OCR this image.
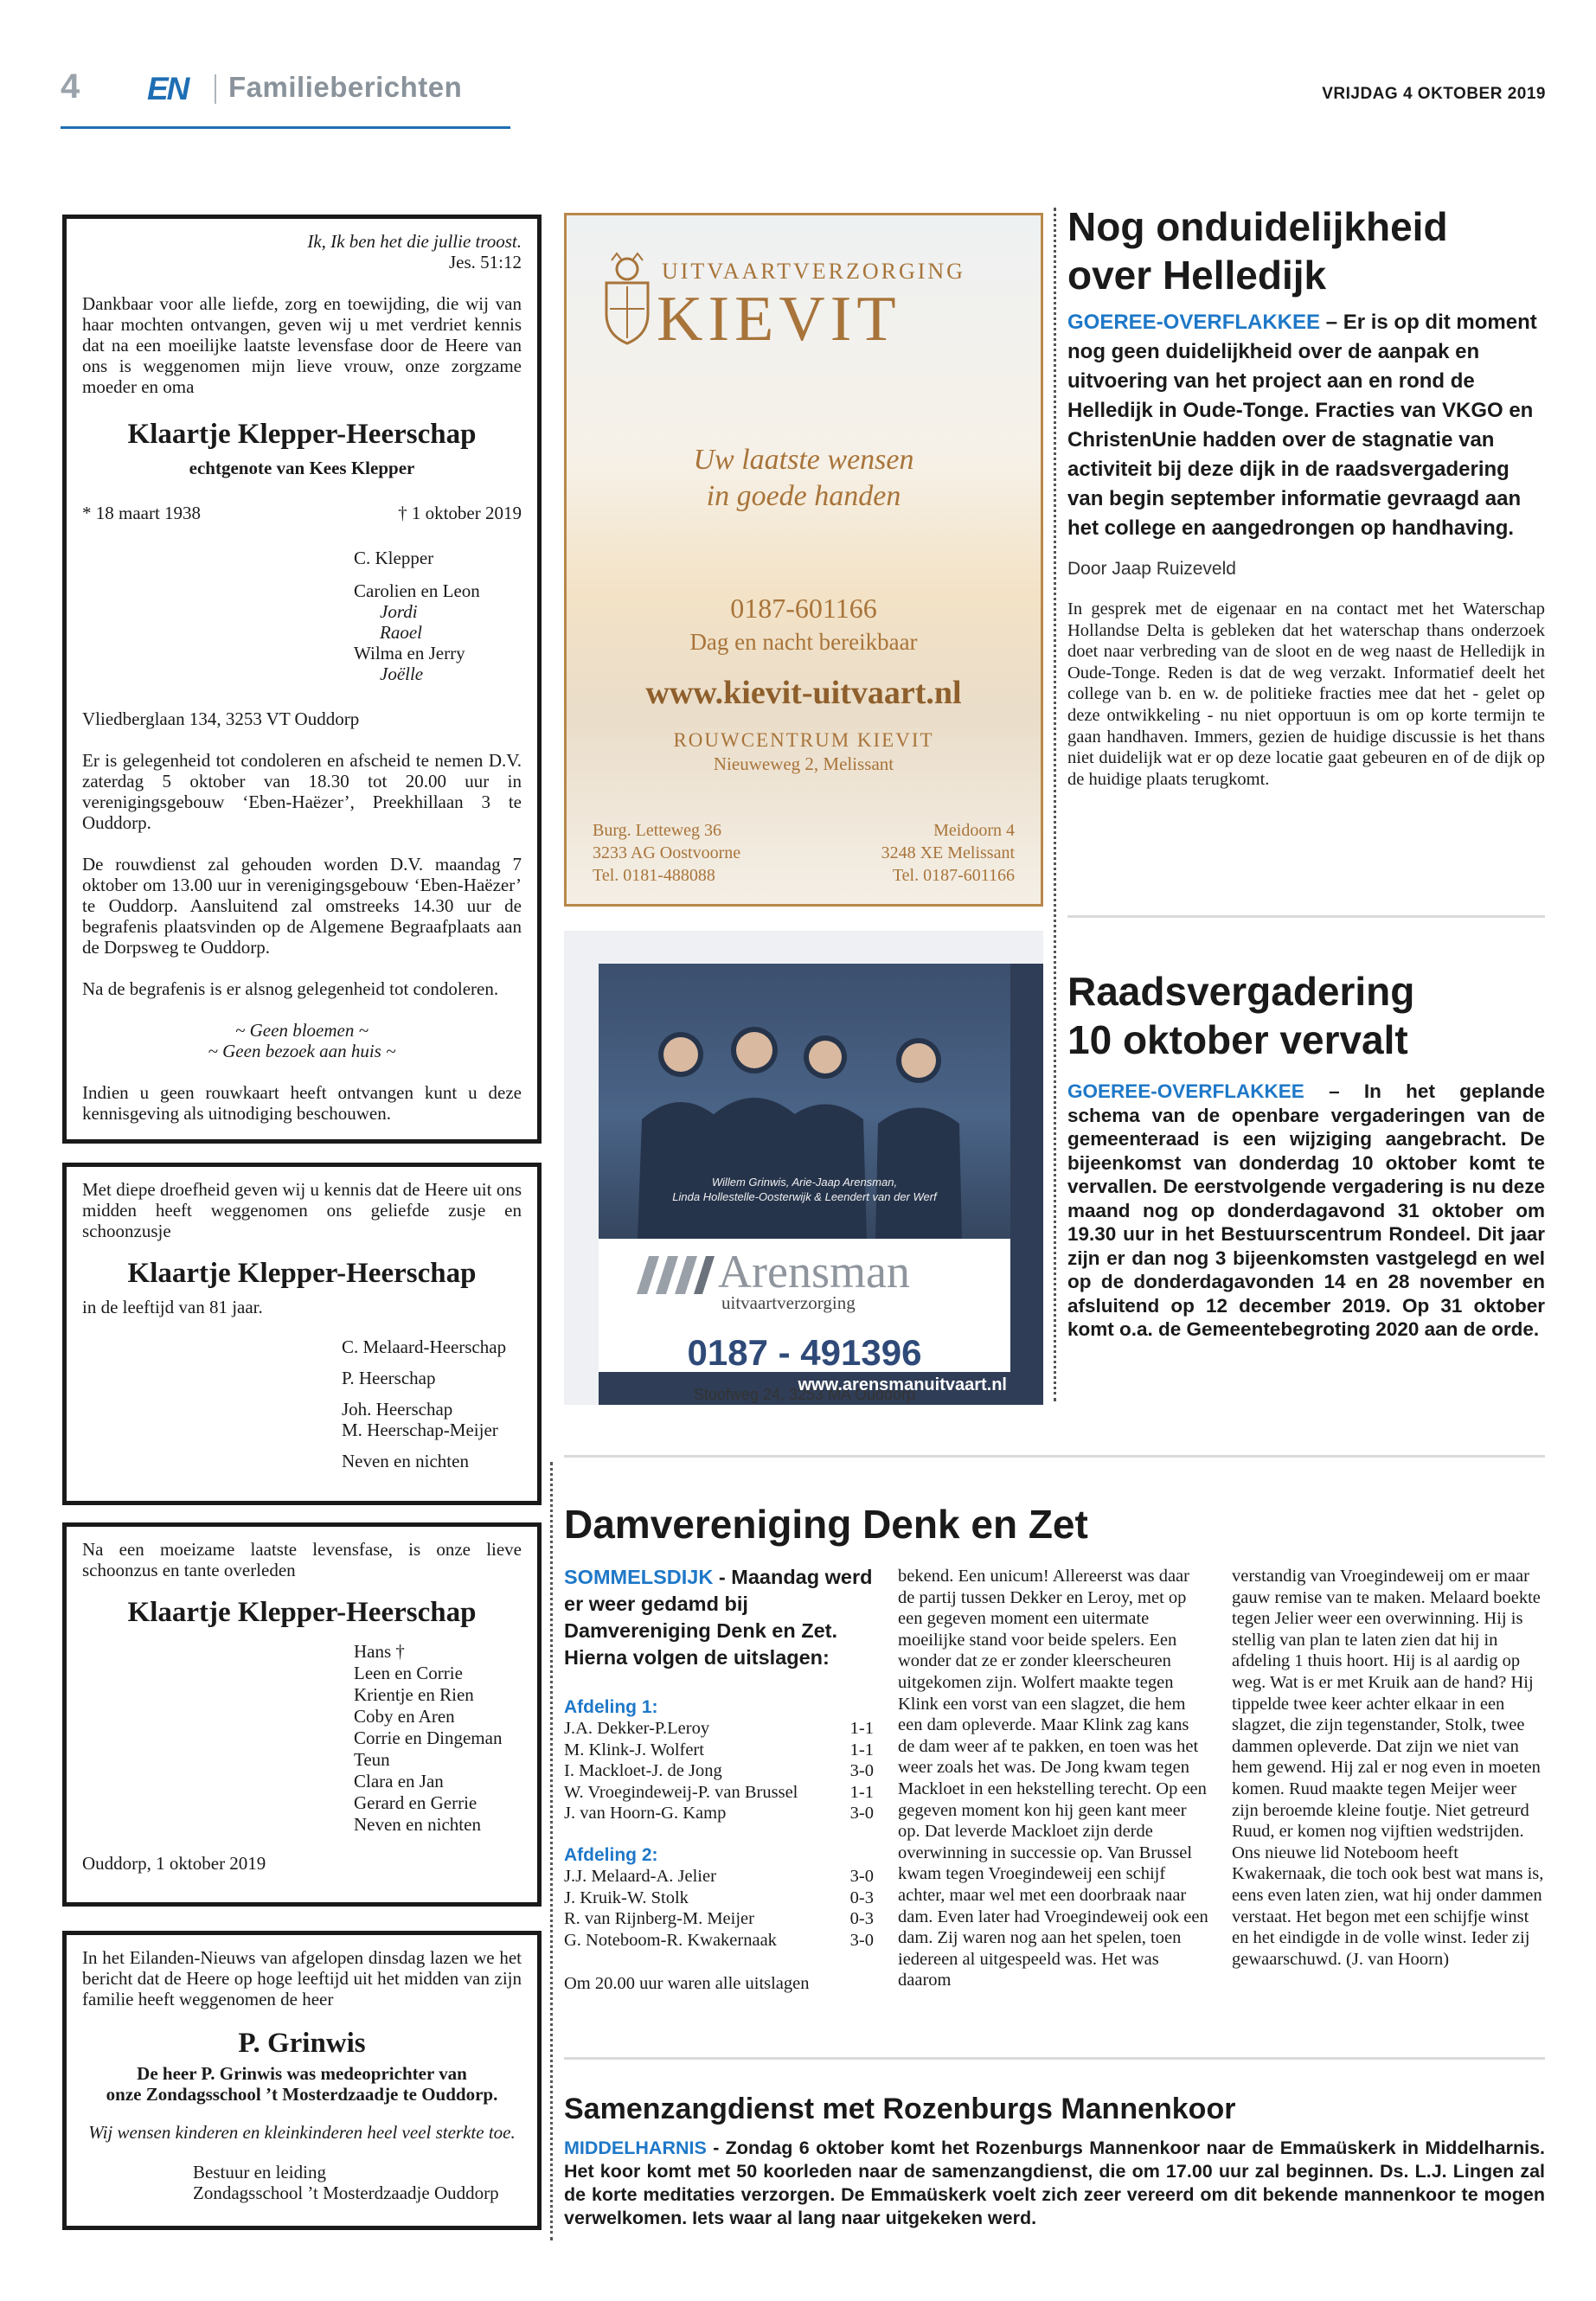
4 EN Familieberichten	VRIJDAG 4 OKTOBER 2019
Ik, Ik ben het die jullie troost.
Jes. 51:12

Dankbaar voor alle liefde, zorg en toewijding, die wij van haar mochten ontvangen, geven wij u met verdriet kennis dat na een moeilijke laatste levensfase door de Heere van ons is weggenomen mijn lieve vrouw, onze zorgzame moeder en oma

Klaartje Klepper-Heerschap
echtgenote van Kees Klepper
* 18 maart 1938	† 1 oktober 2019
C. Klepper
Carolien en Leon
Jordi
Raoel
Wilma en Jerry
Joëlle

Vliedberglaan 134, 3253 VT Ouddorp

Er is gelegenheid tot condoleren en afscheid te nemen D.V. zaterdag 5 oktober van 18.30 tot 20.00 uur in verenigingsgebouw ‘Eben-Haëzer’, Preekhillaan 3 te Ouddorp.

De rouwdienst zal gehouden worden D.V. maandag 7 oktober om 13.00 uur in verenigingsgebouw ‘Eben-Haëzer’ te Ouddorp. Aansluitend zal omstreeks 14.30 uur de begrafenis plaatsvinden op de Algemene Begraafplaats aan de Dorpsweg te Ouddorp.

Na de begrafenis is er alsnog gelegenheid tot condoleren.

~ Geen bloemen ~
~ Geen bezoek aan huis ~

Indien u geen rouwkaart heeft ontvangen kunt u deze kennisgeving als uitnodiging beschouwen.

Met diepe droefheid geven wij u kennis dat de Heere uit ons midden heeft weggenomen ons geliefde zusje en schoonzusje

Klaartje Klepper-Heerschap
in de leeftijd van 81 jaar.
C. Melaard-Heerschap
P. Heerschap
Joh. Heerschap
M. Heerschap-Meijer
Neven en nichten

Na een moeizame laatste levensfase, is onze lieve schoonzus en tante overleden

Klaartje Klepper-Heerschap
Hans †
Leen en Corrie
Krientje en Rien
Coby en Aren
Corrie en Dingeman
Teun
Clara en Jan
Gerard en Gerrie
Neven en nichten
Ouddorp, 1 oktober 2019

In het Eilanden-Nieuws van afgelopen dinsdag lazen we het bericht dat de Heere op hoge leeftijd uit het midden van zijn familie heeft weggenomen de heer

P. Grinwis
De heer P. Grinwis was medeoprichter van
onze Zondagsschool ’t Mosterdzaadje te Ouddorp.
Wij wensen kinderen en kleinkinderen heel veel sterkte toe.
Bestuur en leiding
Zondagsschool ’t Mosterdzaadje Ouddorp
UITVAARTVERZORGING
KIEVIT
Uw laatste wensen
in goede handen
0187-601166
Dag en nacht bereikbaar
www.kievit-uitvaart.nl
ROUWCENTRUM KIEVIT
Nieuweweg 2, Melissant
Burg. Letteweg 36
3233 AG Oostvoorne
Tel. 0181-488088
Meidoorn 4
3248 XE Melissant
Tel. 0187-601166
Willem Grinwis, Arie-Jaap Arensman,
Linda Hollestelle-Oosterwijk & Leendert van der Werf
Arensman
uitvaartverzorging
0187 - 491396
Stoofweg 24, 3253 MA Ouddorp
www.arensmanuitvaart.nl
Nog onduidelijkheid
over Helledijk
GOEREE-OVERFLAKKEE – Er is op dit moment nog geen duidelijkheid over de aanpak en uitvoering van het project aan en rond de Helledijk in Oude-Tonge. Fracties van VKGO en ChristenUnie hadden over de stagnatie van activiteit bij deze dijk in de raadsvergadering van begin september informatie gevraagd aan het college en aangedrongen op handhaving.
Door Jaap Ruizeveld
In gesprek met de eigenaar en na contact met het Waterschap Hollandse Delta is gebleken dat het waterschap thans onderzoek doet naar verbreding van de sloot en de weg naast de Helledijk in Oude-Tonge. Reden is dat de weg verzakt. Informatief deelt het college van b. en w. de politieke fracties mee dat het - gelet op deze ontwikkeling - nu niet opportuun is om op korte termijn te gaan handhaven. Immers, gezien de huidige discussie is het thans niet duidelijk wat er op deze locatie gaat gebeuren en of de dijk op de huidige plaats terugkomt.
Raadsvergadering
10 oktober vervalt
GOEREE-OVERFLAKKEE – In het geplande schema van de openbare vergaderingen van de gemeenteraad is een wijziging aangebracht. De bijeenkomst van donderdag 10 oktober komt te vervallen. De eerstvolgende vergadering is nu deze maand nog op donderdagavond 31 oktober om 19.30 uur in het Bestuurscentrum Rondeel. Dit jaar zijn er dan nog 3 bijeenkomsten vastgelegd en wel op de donderdagavonden 14 en 28 november en afsluitend op 12 december 2019. Op 31 oktober komt o.a. de Gemeentebegroting 2020 aan de orde.
Damvereniging Denk en Zet
SOMMELSDIJK - Maandag werd er weer gedamd bij Damvereniging Denk en Zet. Hierna volgen de uitslagen:
Afdeling 1:
J.A. Dekker-P.Leroy	1-1
M. Klink-J. Wolfert	1-1
I. Mackloet-J. de Jong	3-0
W. Vroegindeweij-P. van Brussel	1-1
J. van Hoorn-G. Kamp	3-0
Afdeling 2:
J.J. Melaard-A. Jelier	3-0
J. Kruik-W. Stolk	0-3
R. van Rijnberg-M. Meijer	0-3
G. Noteboom-R. Kwakernaak	3-0
Om 20.00 uur waren alle uitslagen
bekend. Een unicum! Allereerst was daar de partij tussen Dekker en Leroy, met op een gegeven moment een uitermate moeilijke stand voor beide spelers. Een wonder dat ze er zonder kleerscheuren uitgekomen zijn. Wolfert maakte tegen Klink een vorst van een slagzet, die hem een dam opleverde. Maar Klink zag kans de dam weer af te pakken, en toen was het weer zoals het was. De Jong kwam tegen Mackloet in een hekstelling terecht. Op een gegeven moment kon hij geen kant meer op. Dat leverde Mackloet zijn derde overwinning in successie op. Van Brussel kwam tegen Vroegindeweij een schijf achter, maar wel met een doorbraak naar dam. Even later had Vroegindeweij ook een dam. Zij waren nog aan het spelen, toen iedereen al uitgespeeld was. Het was daarom
verstandig van Vroegindeweij om er maar gauw remise van te maken. Melaard boekte tegen Jelier weer een overwinning. Hij is stellig van plan te laten zien dat hij in afdeling 1 thuis hoort. Hij is al aardig op weg. Wat is er met Kruik aan de hand? Hij tippelde twee keer achter elkaar in een slagzet, die zijn tegenstander, Stolk, twee dammen opleverde. Dat zijn we niet van hem gewend. Hij zal er nog even in moeten komen. Ruud maakte tegen Meijer weer zijn beroemde kleine foutje. Niet getreurd Ruud, er komen nog vijftien wedstrijden. Ons nieuwe lid Noteboom heeft Kwakernaak, die toch ook best wat mans is, eens even laten zien, wat hij onder dammen verstaat. Het begon met een schijfje winst en het eindigde in de volle winst. Ieder zij gewaarschuwd. (J. van Hoorn)
Samenzangdienst met Rozenburgs Mannenkoor
MIDDELHARNIS - Zondag 6 oktober komt het Rozenburgs Mannenkoor naar de Emmaüskerk in Middelharnis. Het koor komt met 50 koorleden naar de samenzangdienst, die om 17.00 uur zal beginnen. Ds. L.J. Lingen zal de korte meditaties verzorgen. De Emmaüskerk voelt zich zeer vereerd om dit bekende mannenkoor te mogen verwelkomen. Iets waar al lang naar uitgekeken werd.
